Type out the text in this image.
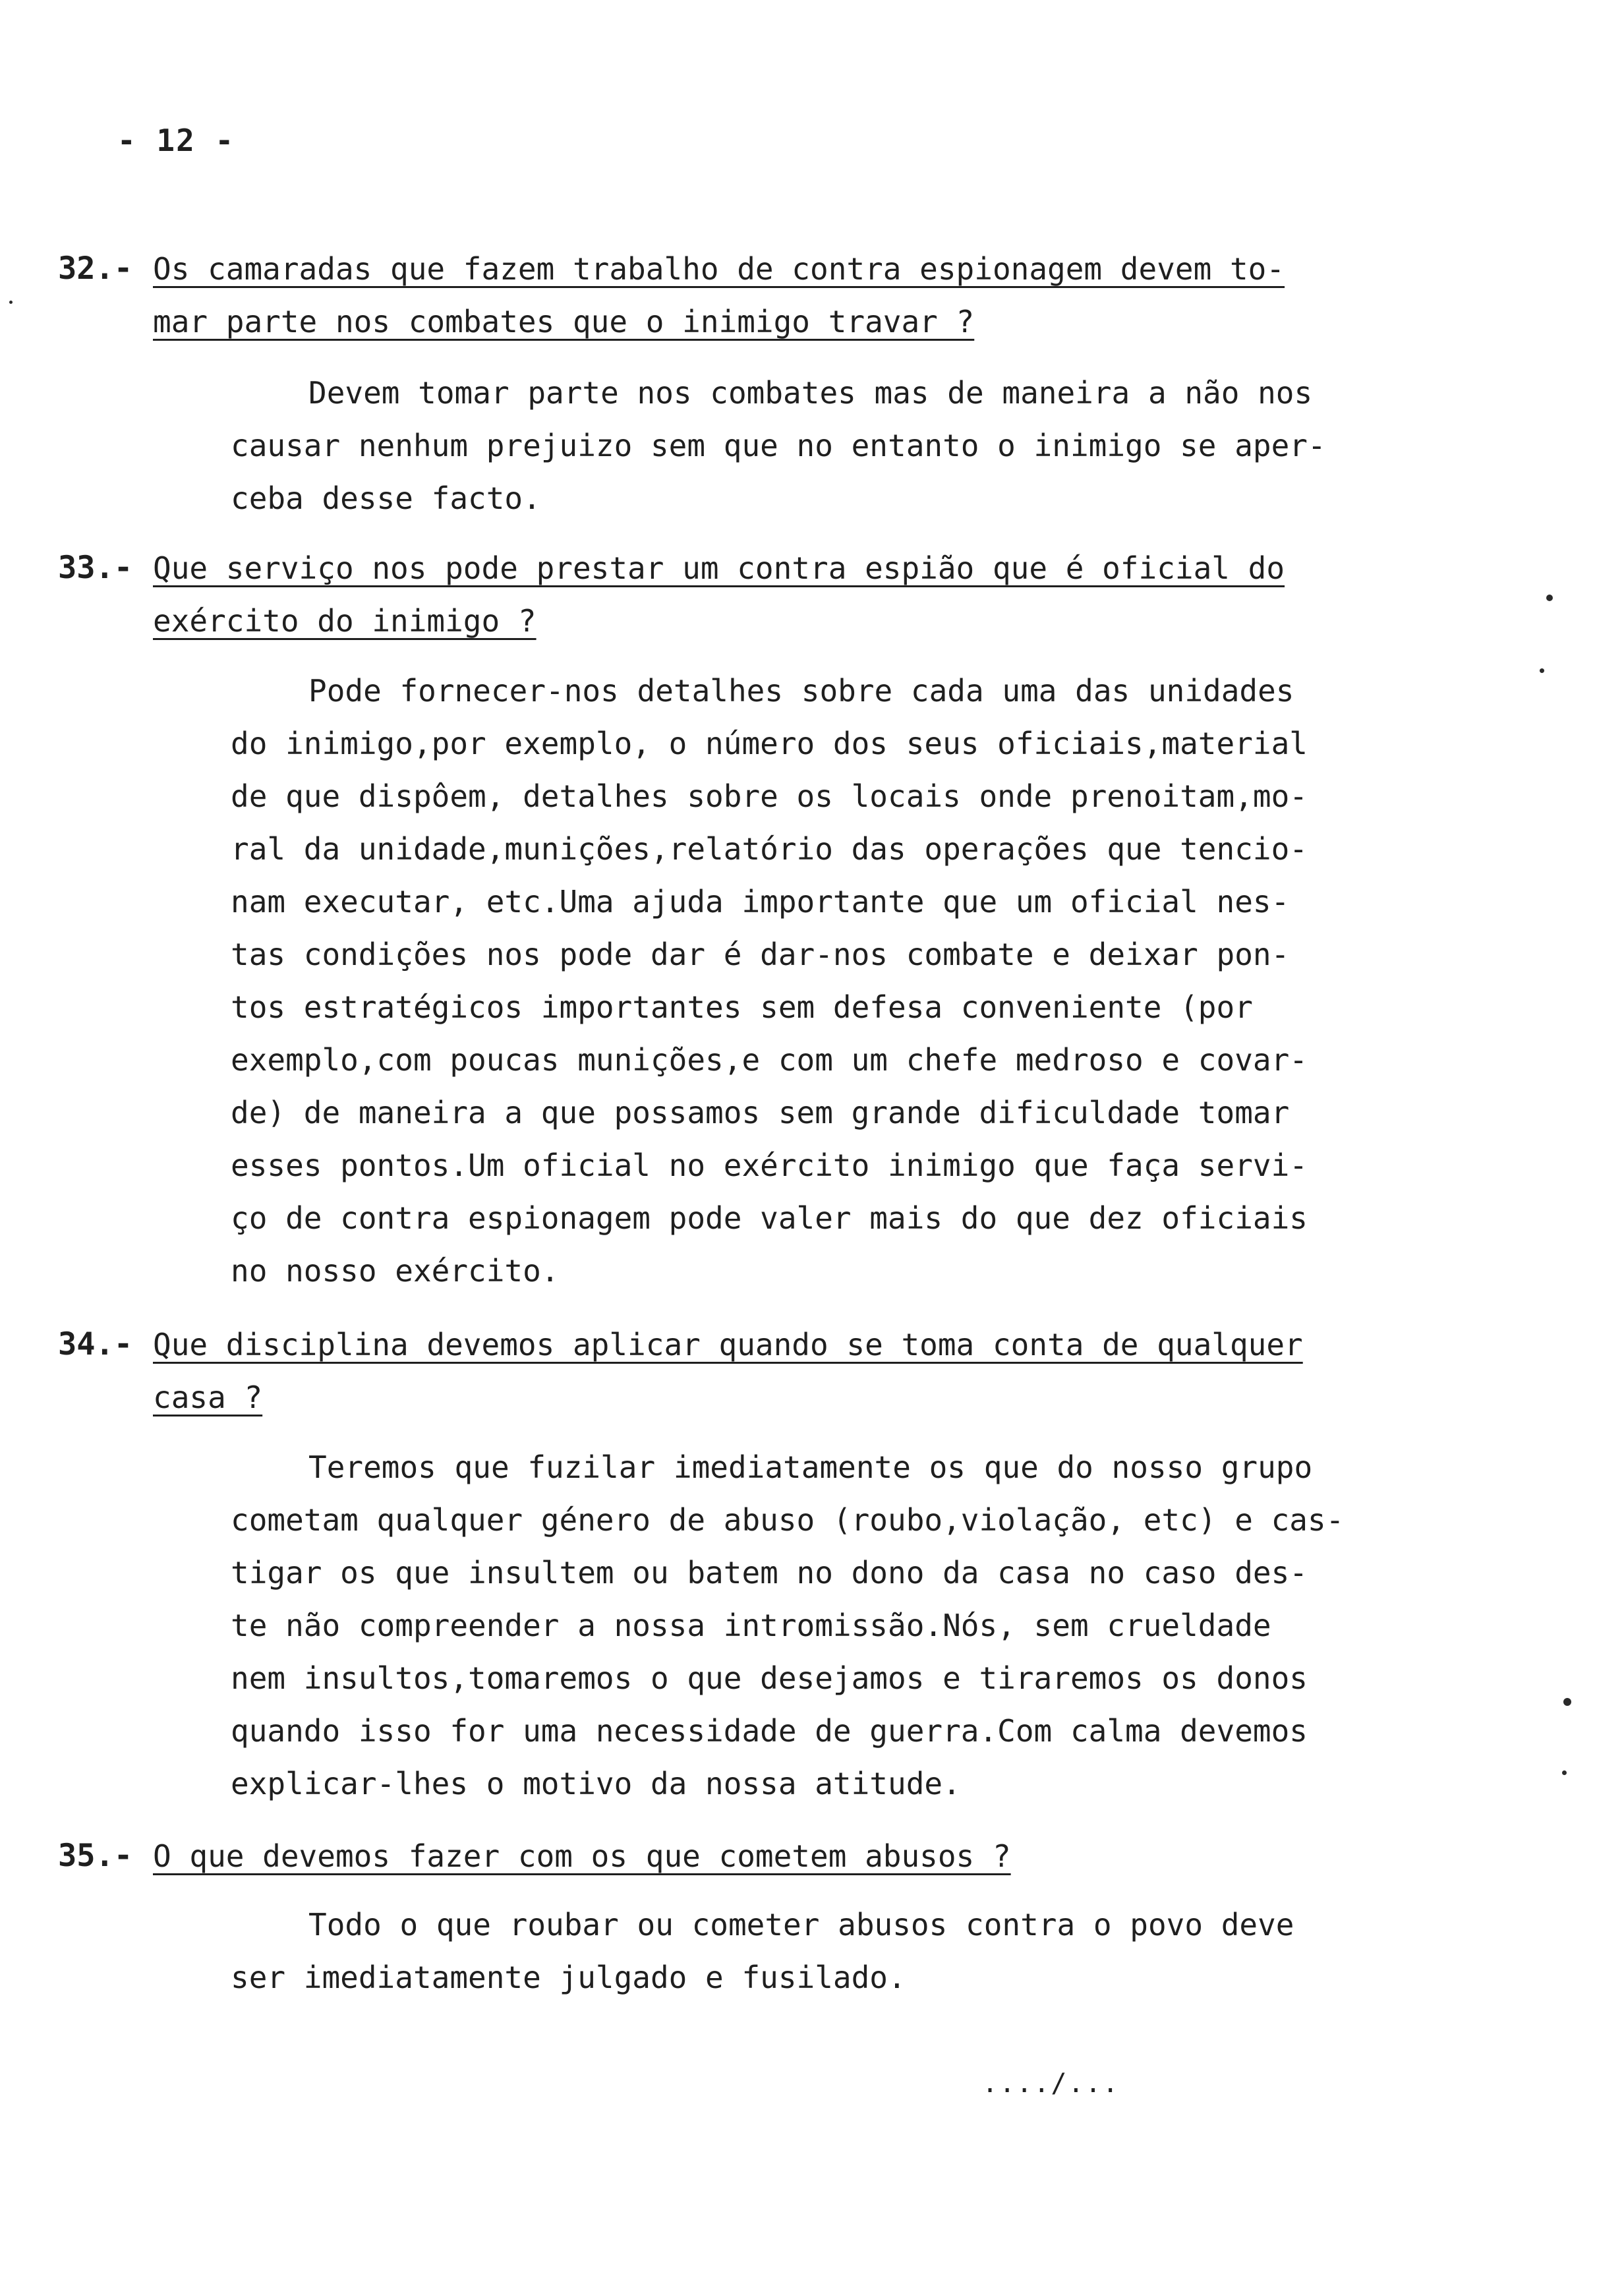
- 12 -
32.- Os camaradas que fazem trabalho de contra espionagem devem to-
mar parte nos combates que o inimigo travar ?
Devem tomar parte nos combates mas de maneira a não nos
causar nenhum prejuizo sem que no entanto o inimigo se aper-
ceba desse facto.
33.- Que serviço nos pode prestar um contra espião que é oficial do
exército do inimigo ?
Pode fornecer-nos detalhes sobre cada uma das unidades
do inimigo,por exemplo, o número dos seus oficiais,material
de que dispôem, detalhes sobre os locais onde prenoitam,mo-
ral da unidade,munições,relatório das operações que tencio-
nam executar, etc.Uma ajuda importante que um oficial nes-
tas condições nos pode dar é dar-nos combate e deixar pon-
tos estratégicos importantes sem defesa conveniente (por
exemplo,com poucas munições,e com um chefe medroso e covar-
de) de maneira a que possamos sem grande dificuldade tomar
esses pontos.Um oficial no exército inimigo que faça servi-
ço de contra espionagem pode valer mais do que dez oficiais
no nosso exército.
34.- Que disciplina devemos aplicar quando se toma conta de qualquer
casa ?
Teremos que fuzilar imediatamente os que do nosso grupo
cometam qualquer género de abuso (roubo,violação, etc) e cas-
tigar os que insultem ou batem no dono da casa no caso des-
te não compreender a nossa intromissão.Nós, sem crueldade
nem insultos,tomaremos o que desejamos e tiraremos os donos
quando isso for uma necessidade de guerra.Com calma devemos
explicar-lhes o motivo da nossa atitude.
35.- O que devemos fazer com os que cometem abusos ?
Todo o que roubar ou cometer abusos contra o povo deve
ser imediatamente julgado e fusilado.
..../...
